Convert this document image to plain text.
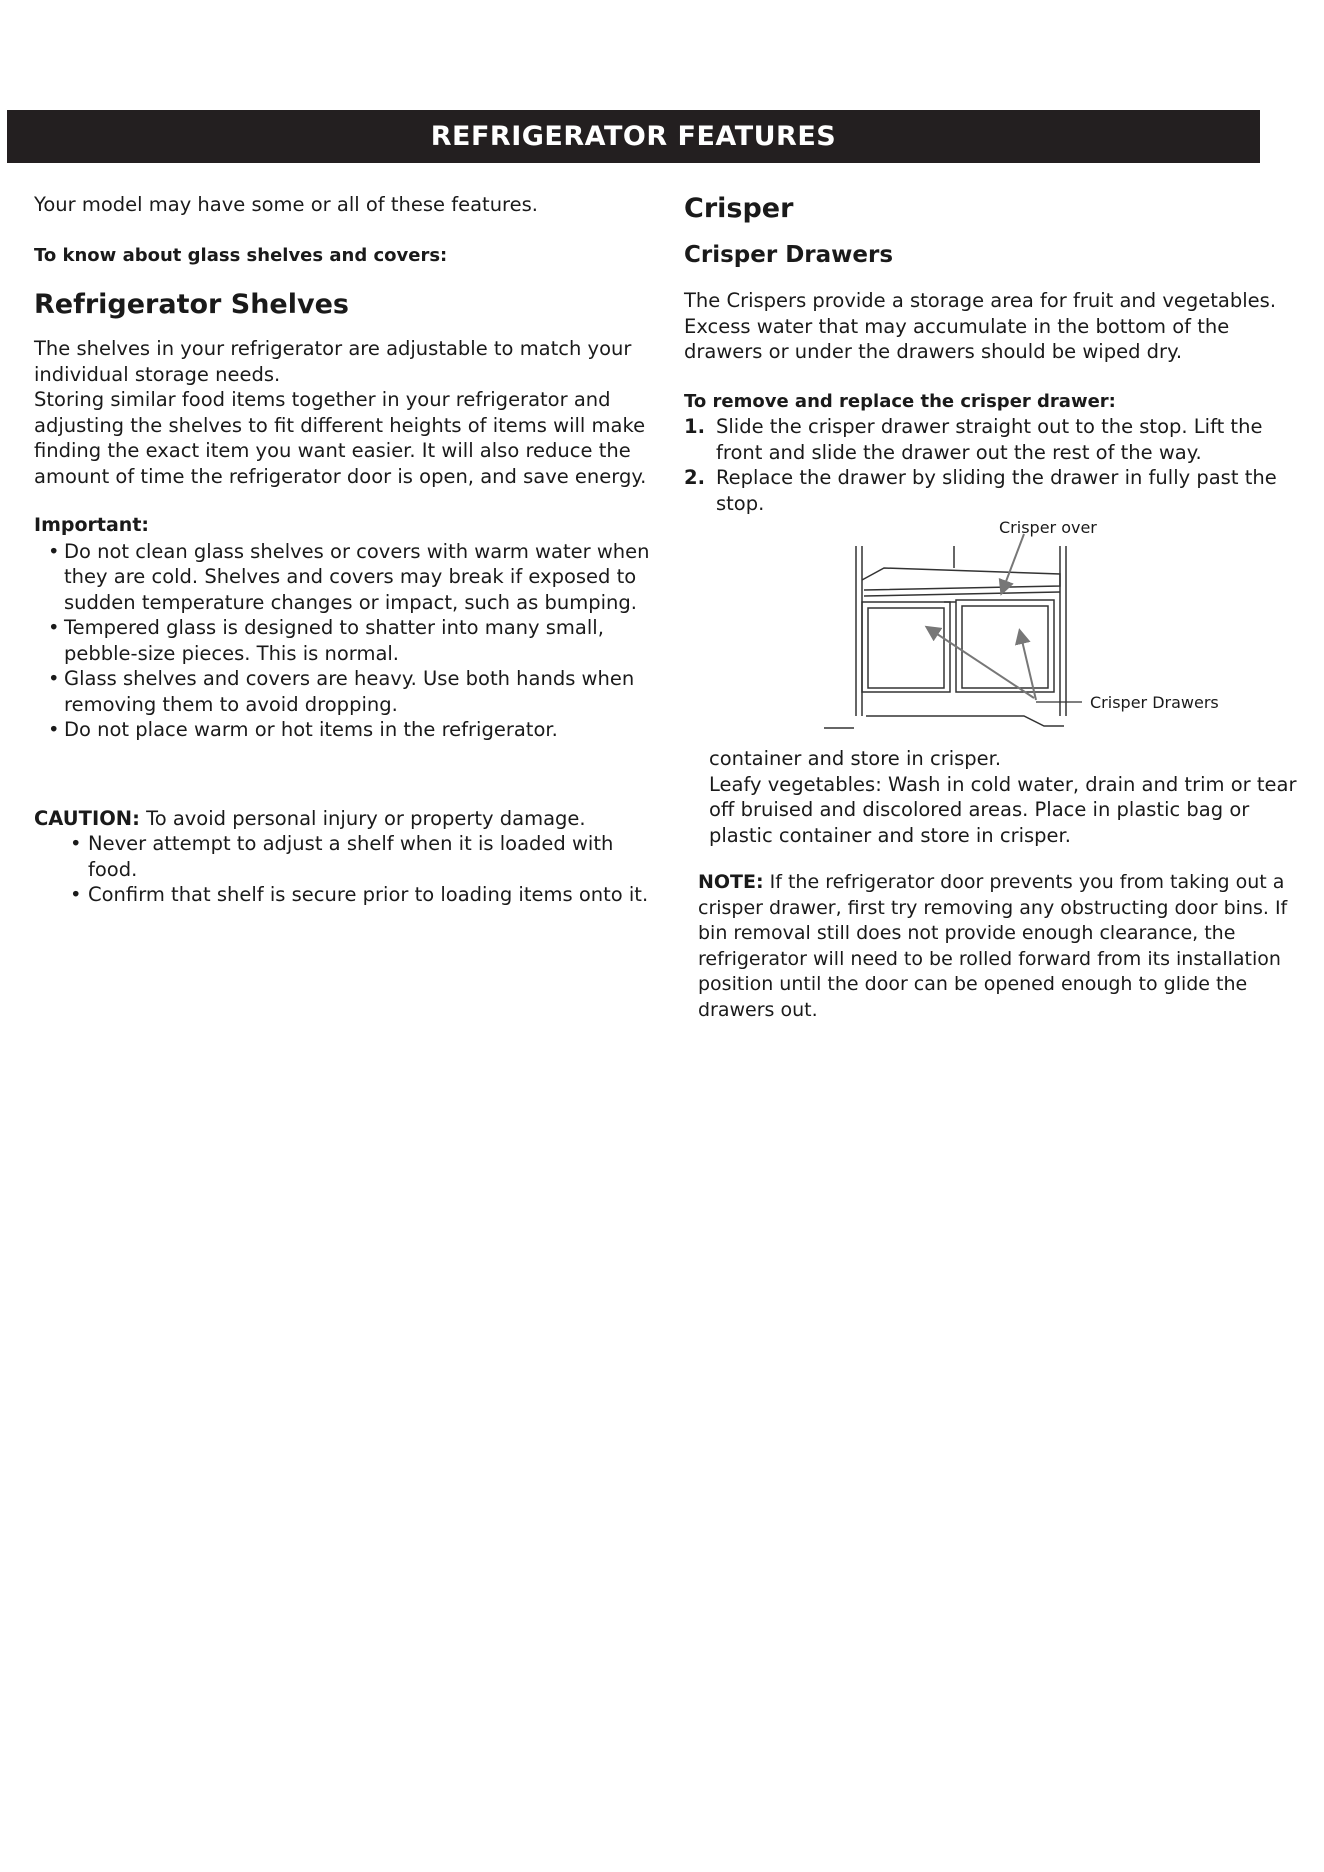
REFRIGERATOR FEATURES

Your model may have some or all of these features.

To know about glass shelves and covers:

Refrigerator Shelves

The shelves in your refrigerator are adjustable to match your individual storage needs.

Storing similar food items together in your refrigerator and adjusting the shelves to fit different heights of items will make finding the exact item you want easier. It will also reduce the amount of time the refrigerator door is open, and save energy.

Important:
• Do not clean glass shelves or covers with warm water when they are cold. Shelves and covers may break if exposed to sudden temperature changes or impact, such as bumping.
• Tempered glass is designed to shatter into many small, pebble-size pieces. This is normal.
• Glass shelves and covers are heavy. Use both hands when removing them to avoid dropping.
• Do not place warm or hot items in the refrigerator.

CAUTION: To avoid personal injury or property damage.

• Never attempt to adjust a shelf when it is loaded with food.
• Confirm that shelf is secure prior to loading items onto it.
Crisper
Crisper Drawers

The Crispers provide a storage area for fruit and vegetables.

Excess water that may accumulate in the bottom of the drawers or under the drawers should be wiped dry.

To remove and replace the crisper drawer:

1. Slide the crisper drawer straight out to the stop. Lift the front and slide the drawer out the rest of the way.
2. Replace the drawer by sliding the drawer in fully past the stop.
Crisper over
Crisper Drawers

container and store in crisper.

Leafy vegetables: Wash in cold water, drain and trim or tear off bruised and discolored areas. Place in plastic bag or plastic container and store in crisper.

NOTE: If the refrigerator door prevents you from taking out a crisper drawer, first try removing any obstructing door bins. If bin removal still does not provide enough clearance, the refrigerator will need to be rolled forward from its installation position until the door can be opened enough to glide the drawers out.
